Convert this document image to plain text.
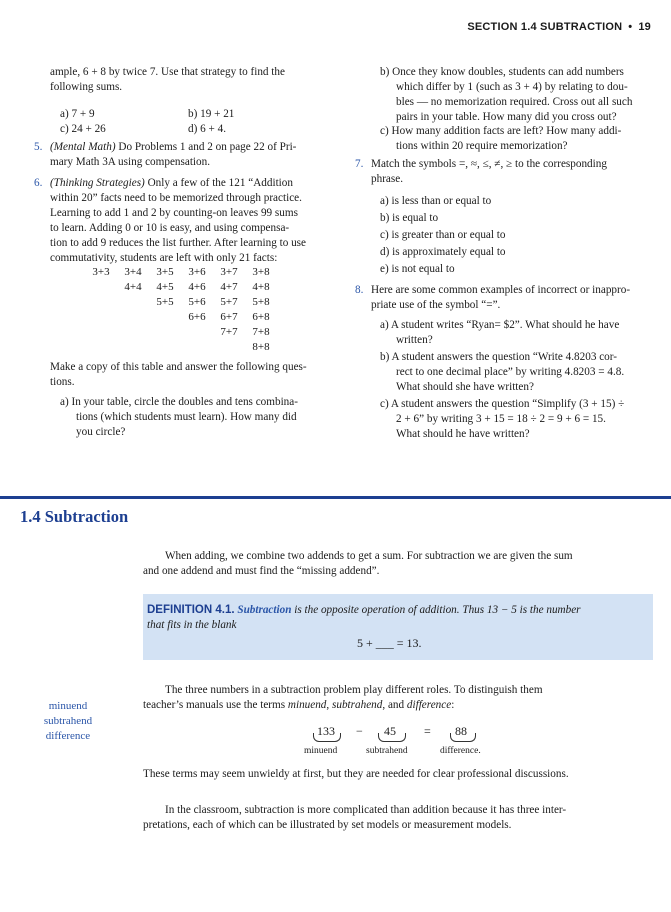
SECTION 1.4 SUBTRACTION • 19
ample, 6 + 8 by twice 7. Use that strategy to find the
following sums.
a) 7 + 9	b) 19 + 21
c) 24 + 26	d) 6 + 4.
5. (Mental Math) Do Problems 1 and 2 on page 22 of Pri-
mary Math 3A using compensation.
6. (Thinking Strategies) Only a few of the 121 “Addition
within 20” facts need to be memorized through practice.
Learning to add 1 and 2 by counting-on leaves 99 sums
to learn. Adding 0 or 10 is easy, and using compensa-
tion to add 9 reduces the list further. After learning to use
commutativity, students are left with only 21 facts:
3+3	3+4	3+5	3+6	3+7	3+8
4+4	4+5	4+6	4+7	4+8
5+5	5+6	5+7	5+8
6+6	6+7	6+8
7+7	7+8
8+8
Make a copy of this table and answer the following ques-
tions.
a) In your table, circle the doubles and tens combina-
tions (which students must learn). How many did
you circle?
b) Once they know doubles, students can add numbers
which differ by 1 (such as 3 + 4) by relating to dou-
bles — no memorization required. Cross out all such
pairs in your table. How many did you cross out?
c) How many addition facts are left? How many addi-
tions within 20 require memorization?
7. Match the symbols =, ≈, ≤, ≠, ≥ to the corresponding
phrase.
a) is less than or equal to
b) is equal to
c) is greater than or equal to
d) is approximately equal to
e) is not equal to
8. Here are some common examples of incorrect or inappro-
priate use of the symbol “=”.
a) A student writes “Ryan= $2”. What should he have
written?
b) A student answers the question “Write 4.8203 cor-
rect to one decimal place” by writing 4.8203 = 4.8.
What should she have written?
c) A student answers the question “Simplify (3 + 15) ÷
2 + 6” by writing 3 + 15 = 18 ÷ 2 = 9 + 6 = 15.
What should he have written?
1.4 Subtraction
When adding, we combine two addends to get a sum. For subtraction we are given the sum
and one addend and must find the “missing addend”.
DEFINITION 4.1. Subtraction is the opposite operation of addition. Thus 13 − 5 is the number
that fits in the blank
5 + ___ = 13.
The three numbers in a subtraction problem play different roles. To distinguish them
teacher’s manuals use the terms minuend, subtrahend, and difference:
minuend
subtrahend
difference	133 − 45 = 88
minuend	subtrahend	difference.
These terms may seem unwieldy at first, but they are needed for clear professional discussions.
In the classroom, subtraction is more complicated than addition because it has three inter-
pretations, each of which can be illustrated by set models or measurement models.
